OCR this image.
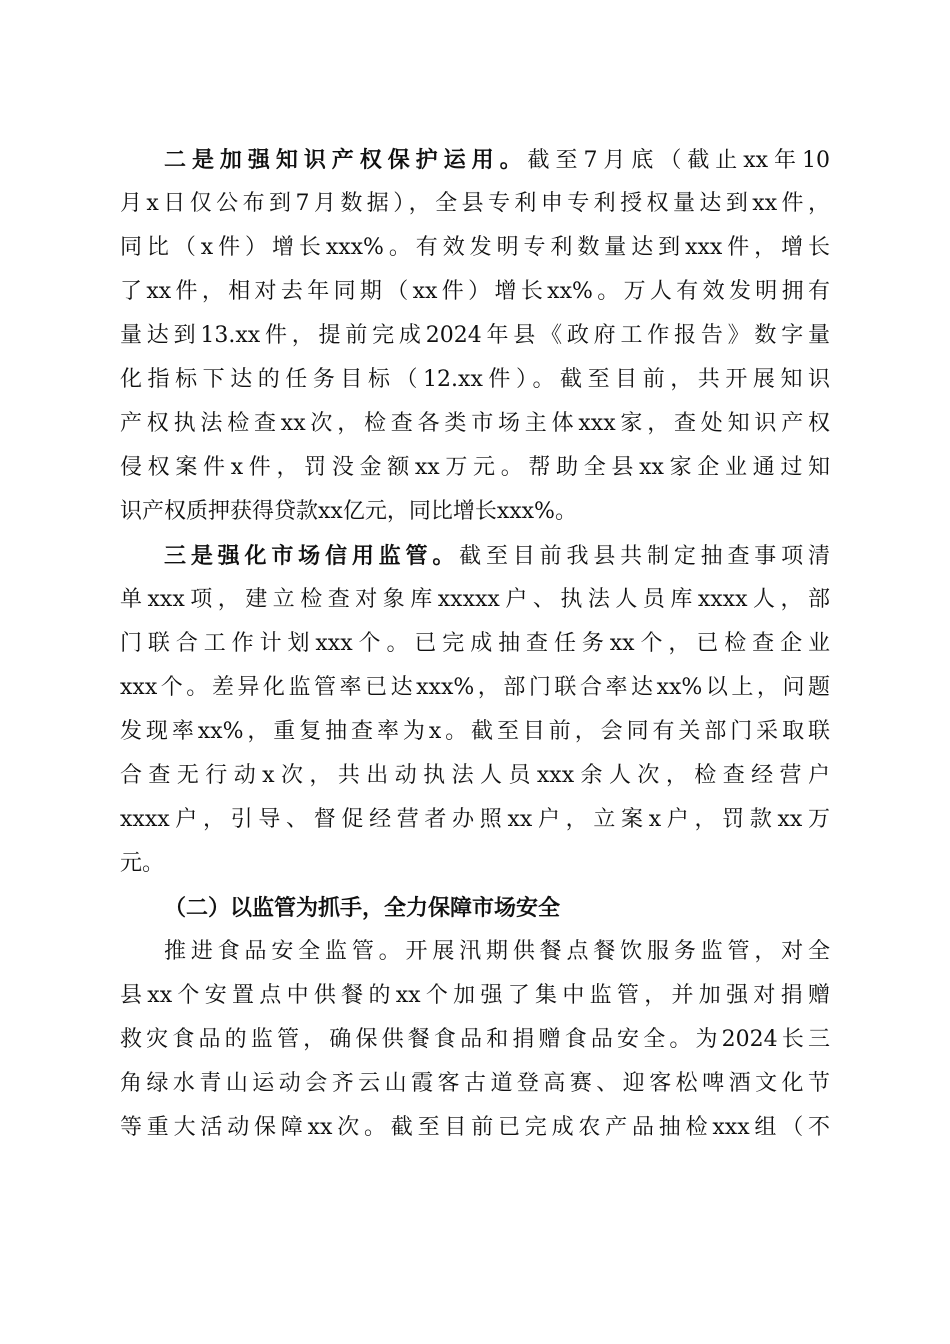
二是加强知识产权保护运用。截至7月底（截止xx年10
月x日仅公布到7月数据），全县专利申专利授权量达到xx件，
同比（x件）增长xxx%。有效发明专利数量达到xxx件，增长
了xx件，相对去年同期（xx件）增长xx%。万人有效发明拥有
量达到13.xx件，提前完成2024年县《政府工作报告》数字量
化指标下达的任务目标（12.xx件）。截至目前，共开展知识
产权执法检查xx次，检查各类市场主体xxx家，查处知识产权
侵权案件x件，罚没金额xx万元。帮助全县xx家企业通过知
识产权质押获得贷款xx亿元，同比增长xxx%。
三是强化市场信用监管。截至目前我县共制定抽查事项清
单xxx项，建立检查对象库xxxxx户、执法人员库xxxx人，部
门联合工作计划xxx个。已完成抽查任务xx个，已检查企业
xxx个。差异化监管率已达xxx%，部门联合率达xx%以上，问题
发现率xx%，重复抽查率为x。截至目前，会同有关部门采取联
合查无行动x次，共出动执法人员xxx余人次，检查经营户
xxxx户，引导、督促经营者办照xx户，立案x户，罚款xx万
元。
（二）以监管为抓手，全力保障市场安全
推进食品安全监管。开展汛期供餐点餐饮服务监管，对全
县xx个安置点中供餐的xx个加强了集中监管，并加强对捐赠
救灾食品的监管，确保供餐食品和捐赠食品安全。为2024长三
角绿水青山运动会齐云山霞客古道登高赛、迎客松啤酒文化节
等重大活动保障xx次。截至目前已完成农产品抽检xxx组（不
